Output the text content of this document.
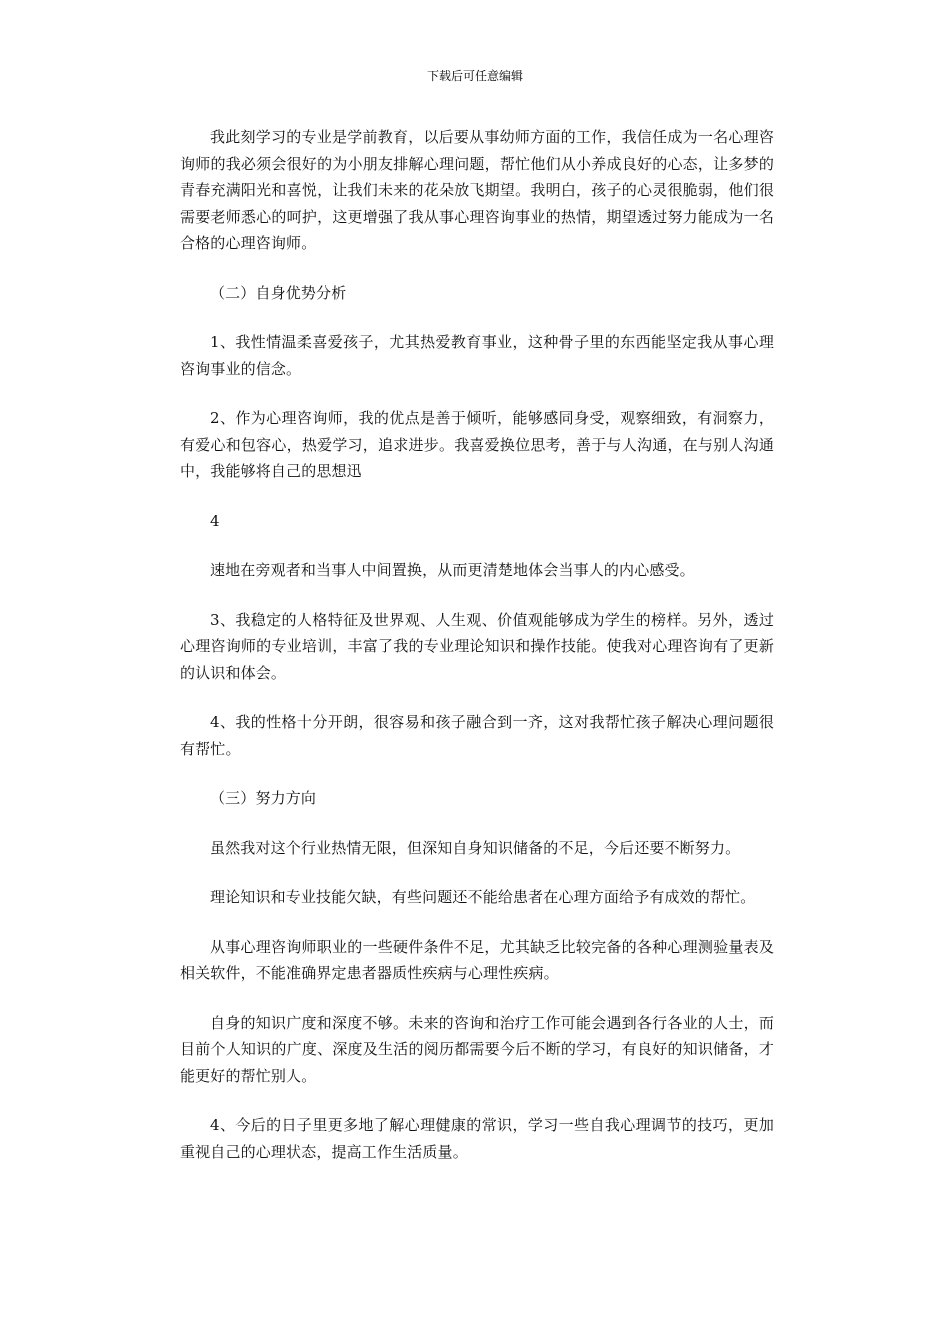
下载后可任意编辑

我此刻学习的专业是学前教育，以后要从事幼师方面的工作，我信任成为一名心理咨询师的我必须会很好的为小朋友排解心理问题，帮忙他们从小养成良好的心态，让多梦的青春充满阳光和喜悦，让我们未来的花朵放飞期望。我明白，孩子的心灵很脆弱，他们很需要老师悉心的呵护，这更增强了我从事心理咨询事业的热情，期望透过努力能成为一名合格的心理咨询师。

（二）自身优势分析

1、我性情温柔喜爱孩子，尤其热爱教育事业，这种骨子里的东西能坚定我从事心理咨询事业的信念。

2、作为心理咨询师，我的优点是善于倾听，能够感同身受，观察细致，有洞察力，有爱心和包容心，热爱学习，追求进步。我喜爱换位思考，善于与人沟通，在与别人沟通中，我能够将自己的思想迅

4

速地在旁观者和当事人中间置换，从而更清楚地体会当事人的内心感受。

3、我稳定的人格特征及世界观、人生观、价值观能够成为学生的榜样。另外，透过心理咨询师的专业培训，丰富了我的专业理论知识和操作技能。使我对心理咨询有了更新的认识和体会。

4、我的性格十分开朗，很容易和孩子融合到一齐，这对我帮忙孩子解决心理问题很有帮忙。

（三）努力方向

虽然我对这个行业热情无限，但深知自身知识储备的不足，今后还要不断努力。

理论知识和专业技能欠缺，有些问题还不能给患者在心理方面给予有成效的帮忙。

从事心理咨询师职业的一些硬件条件不足，尤其缺乏比较完备的各种心理测验量表及相关软件，不能准确界定患者器质性疾病与心理性疾病。

自身的知识广度和深度不够。未来的咨询和治疗工作可能会遇到各行各业的人士，而目前个人知识的广度、深度及生活的阅历都需要今后不断的学习，有良好的知识储备，才能更好的帮忙别人。

4、今后的日子里更多地了解心理健康的常识，学习一些自我心理调节的技巧，更加重视自己的心理状态，提高工作生活质量。
